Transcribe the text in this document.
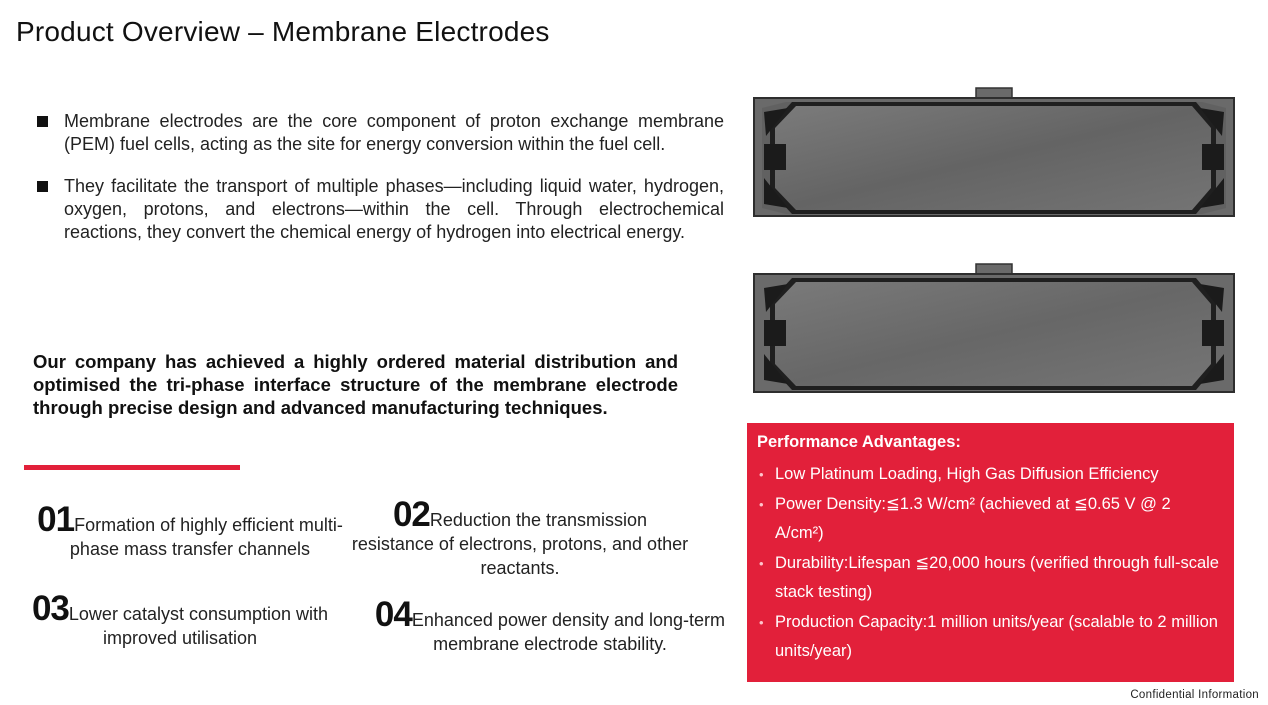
Product Overview – Membrane Electrodes
Membrane electrodes are the core component of proton exchange membrane (PEM) fuel cells, acting as the site for energy conversion within the fuel cell.
They facilitate the transport of multiple phases—including liquid water, hydrogen, oxygen, protons, and electrons—within the cell. Through electrochemical reactions, they convert the chemical energy of hydrogen into electrical energy.
Our company has achieved a highly ordered material distribution and optimised the tri-phase interface structure of the membrane electrode through precise design and advanced manufacturing techniques.
01Formation of highly efficient multi-phase mass transfer channels
02Reduction the transmission resistance of electrons, protons, and other reactants.
03Lower catalyst consumption with improved utilisation
04Enhanced power density and long-term membrane electrode stability.
Performance Advantages:
• Low Platinum Loading, High Gas Diffusion Efficiency
• Power Density:≦1.3 W/cm² (achieved at ≦0.65 V @ 2 A/cm²)
• Durability:Lifespan ≦20,000 hours (verified through full-scale stack testing)
• Production Capacity:1 million units/year (scalable to 2 million units/year)
Confidential Information
